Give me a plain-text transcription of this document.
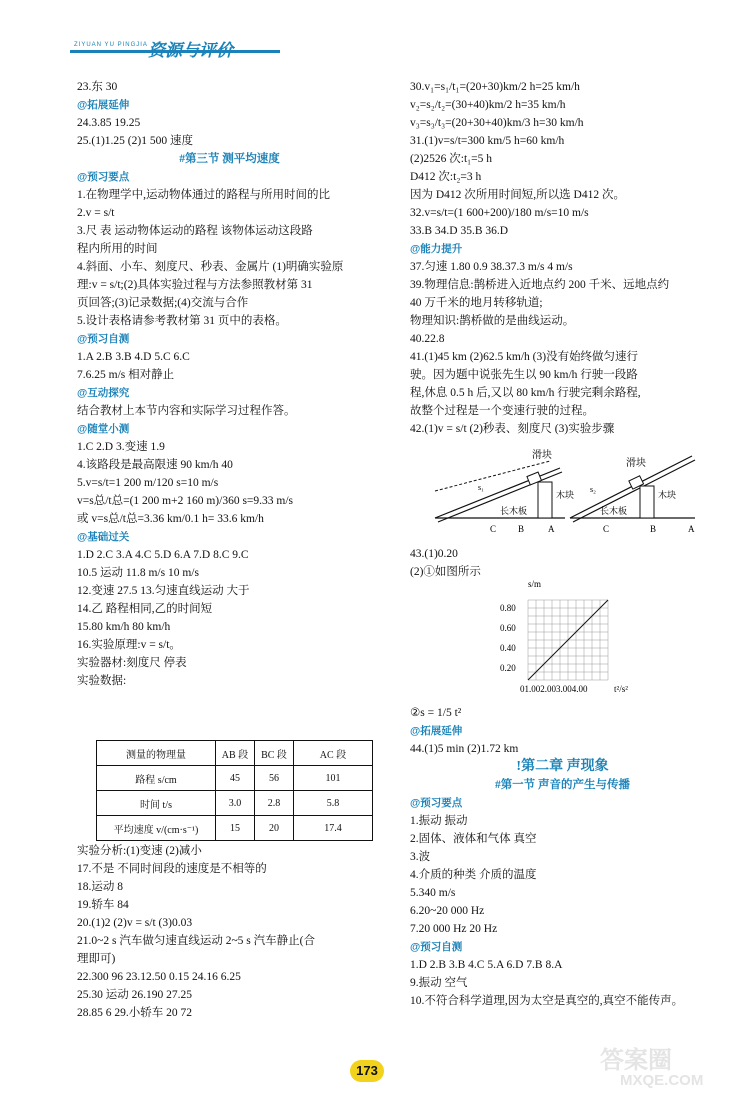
ZIYUAN YU PINGJIA 资源与评价
23.东 30
@拓展延伸
24.3.85 19.25
25.(1)1.25 (2)1 500 速度
#第三节 测平均速度
@预习要点
1.在物理学中,运动物体通过的路程与所用时间的比
2.v = s/t
3.尺 表 运动物体运动的路程 该物体运动这段路
程内所用的时间
4.斜面、小车、刻度尺、秒表、金属片 (1)明确实验原
理:v = s/t;(2)具体实验过程与方法参照教材第 31
页回答;(3)记录数据;(4)交流与合作
5.设计表格请参考教材第 31 页中的表格。
@预习自测
1.A 2.B 3.B 4.D 5.C 6.C
7.6.25 m/s 相对静止
@互动探究
结合教材上本节内容和实际学习过程作答。
@随堂小测
1.C 2.D 3.变速 1.9
4.该路段是最高限速 90 km/h 40
5.v=s/t=1 200 m/120 s=10 m/s
v=s总/t总=(1 200 m+2 160 m)/360 s=9.33 m/s
或 v=s总/t总=3.36 km/0.1 h= 33.6 km/h
@基础过关
1.D 2.C 3.A 4.C 5.D 6.A 7.D 8.C 9.C
10.5 运动 11.8 m/s 10 m/s
12.变速 27.5 13.匀速直线运动 大于
14.乙 路程相同,乙的时间短
15.80 km/h 80 km/h
16.实验原理:v = s/t。
实验器材:刻度尺 停表
实验数据:
测量的物理量	AB 段	BC 段	AC 段
路程 s/cm	45	56	101
时间 t/s	3.0	2.8	5.8
平均速度 v/(cm·s⁻¹)	15	20	17.4
实验分析:(1)变速 (2)减小
17.不是 不同时间段的速度是不相等的
18.运动 8
19.轿车 84
20.(1)2 (2)v = s/t (3)0.03
21.0~2 s 汽车做匀速直线运动 2~5 s 汽车静止(合
理即可)
22.300 96 23.12.50 0.15 24.16 6.25
25.30 运动 26.190 27.25
28.85 6 29.小轿车 20 72
30.v₁=s₁/t₁=(20+30)km/2 h=25 km/h
v₂=s₂/t₂=(30+40)km/2 h=35 km/h
v₃=s₃/t₃=(20+30+40)km/3 h=30 km/h
31.(1)v=s/t=300 km/5 h=60 km/h
(2)2526 次:t₁=5 h
D412 次:t₂=3 h
因为 D412 次所用时间短,所以选 D412 次。
32.v=s/t=(1 600+200)/180 m/s=10 m/s
33.B 34.D 35.B 36.D
@能力提升
37.匀速 1.80 0.9 38.37.3 m/s 4 m/s
39.物理信息:鹊桥进入近地点约 200 千米、远地点约
40 万千米的地月转移轨道;
物理知识:鹊桥做的是曲线运动。
40.22.8
41.(1)45 km (2)62.5 km/h (3)没有始终做匀速行
驶。因为题中说张先生以 90 km/h 行驶一段路
程,休息 0.5 h 后,又以 80 km/h 行驶完剩余路程,
故整个过程是一个变速行驶的过程。
42.(1)v = s/t (2)秒表、刻度尺 (3)实验步骤
滑块
滑块
木块	木块
长木板	长木板
s₁	s₂
C B	A	C	B	A
43.(1)0.20
(2)①如图所示
s/m
0.80
0.60
0.40
0.20
01.002.003.004.00	t²/s²
②s = 1/5 t²
@拓展延伸
44.(1)5 min (2)1.72 km
!第二章 声现象
#第一节 声音的产生与传播
@预习要点
1.振动 振动
2.固体、液体和气体 真空
3.波
4.介质的种类 介质的温度
5.340 m/s
6.20~20 000 Hz
7.20 000 Hz 20 Hz
@预习自测
1.D 2.B 3.B 4.C 5.A 6.D 7.B 8.A
9.振动 空气
10.不符合科学道理,因为太空是真空的,真空不能传声。
173	答案圈
MXQE.COM
